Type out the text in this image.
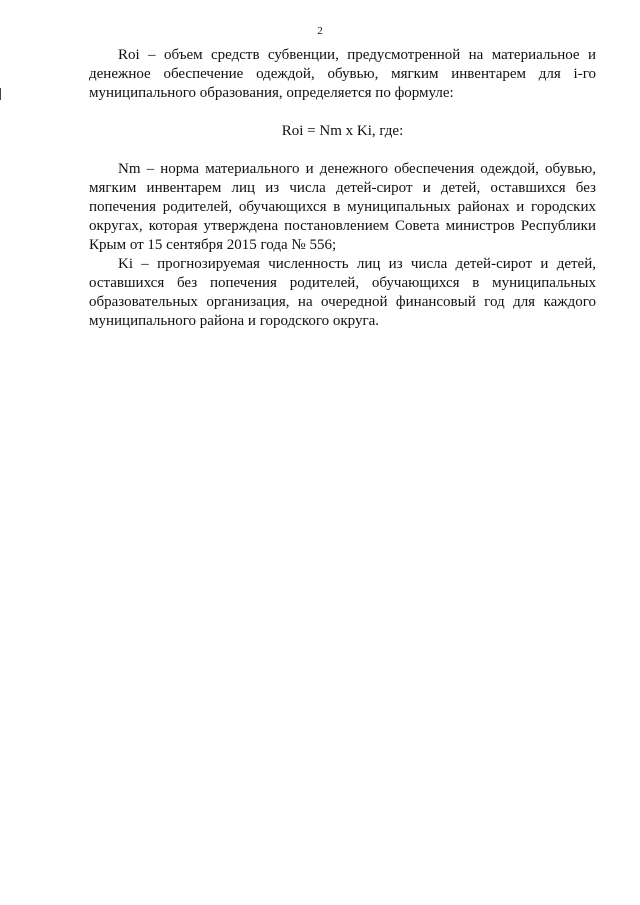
2

Roi – объем средств субвенции, предусмотренной на материальное и денежное обеспечение одеждой, обувью, мягким инвентарем для i-го муниципального образования, определяется по формуле:

Roi = Nm x Ki, где:

Nm – норма материального и денежного обеспечения одеждой, обувью, мягким инвентарем лиц из числа детей-сирот и детей, оставшихся без попечения родителей, обучающихся в муниципальных районах и городских округах, которая утверждена постановлением Совета министров Республики Крым от 15 сентября 2015 года № 556;

Ki – прогнозируемая численность лиц из числа детей-сирот и детей, оставшихся без попечения родителей, обучающихся в муниципальных образовательных организация, на очередной финансовый год для каждого муниципального района и городского округа.
